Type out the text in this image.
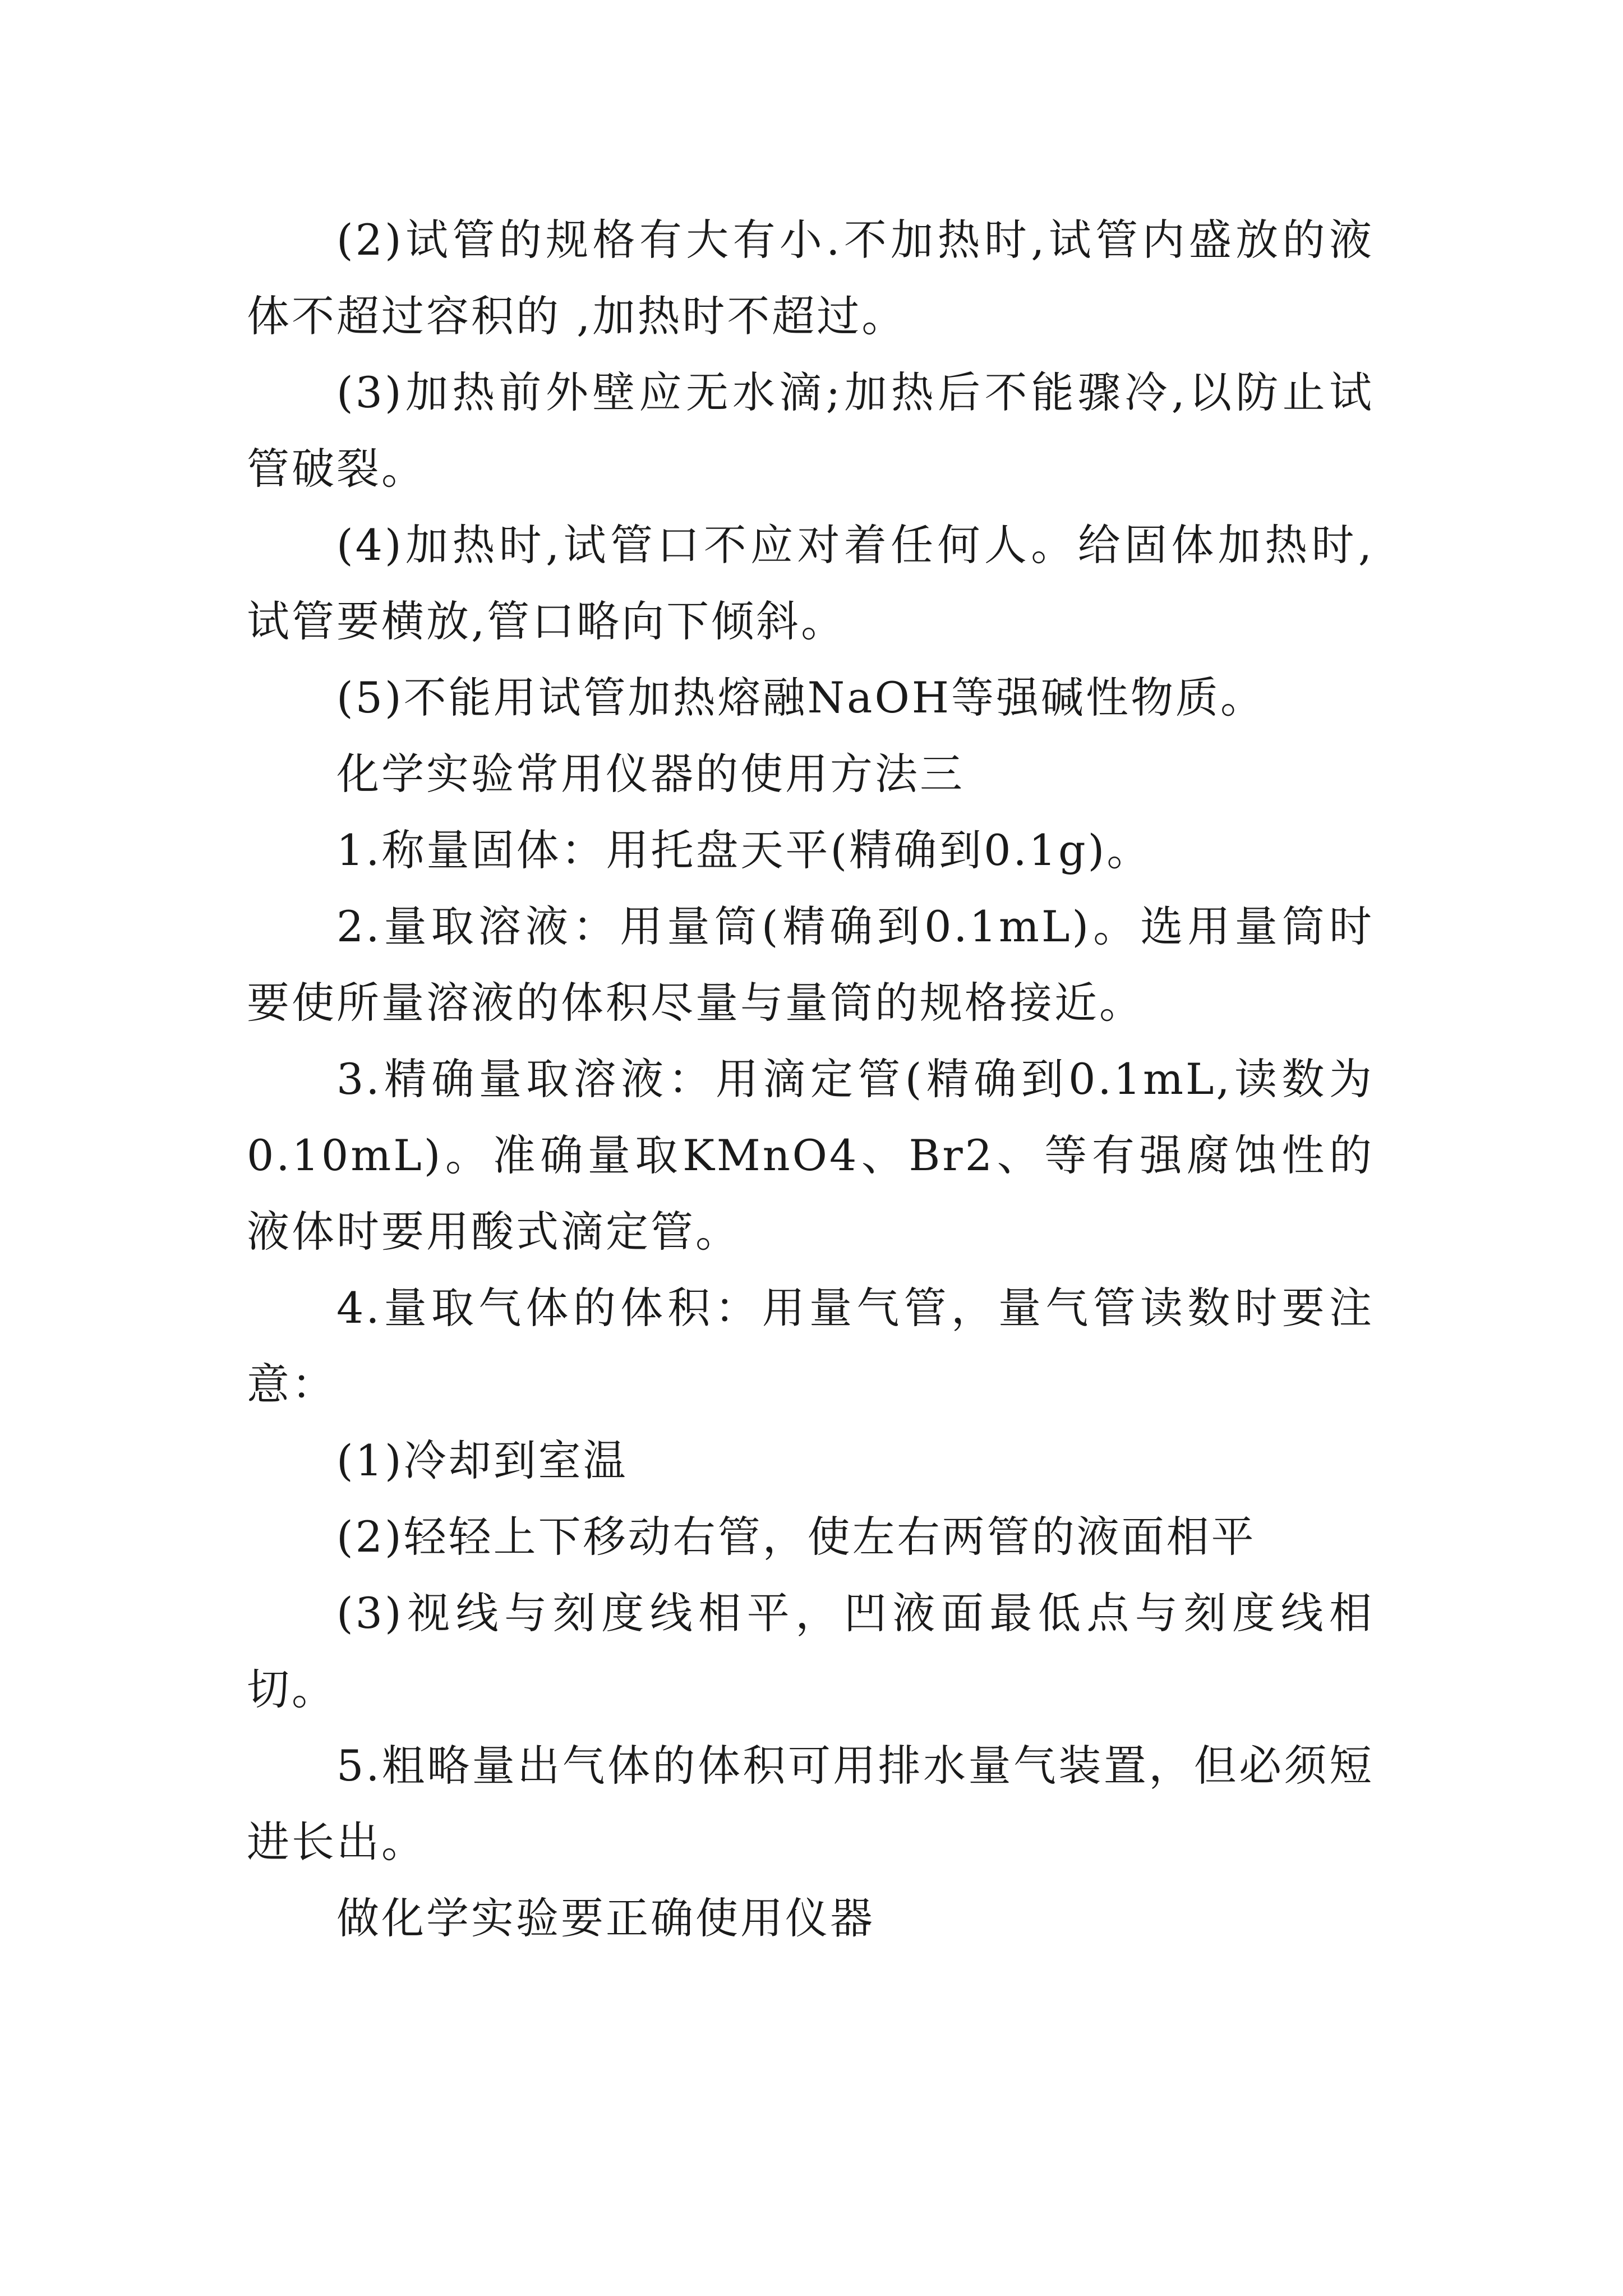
(2)试管的规格有大有小.不加热时,试管内盛放的液体不超过容积的 ,加热时不超过。

(3)加热前外壁应无水滴;加热后不能骤冷,以防止试管破裂。

(4)加热时,试管口不应对着任何人。给固体加热时,试管要横放,管口略向下倾斜。

(5)不能用试管加热熔融NaOH等强碱性物质。

化学实验常用仪器的使用方法三

1.称量固体：用托盘天平(精确到0.1g)。

2.量取溶液：用量筒(精确到0.1mL)。选用量筒时要使所量溶液的体积尽量与量筒的规格接近。

3.精确量取溶液：用滴定管(精确到0.1mL,读数为0.10mL)。准确量取KMnO4、Br2、等有强腐蚀性的液体时要用酸式滴定管。

4.量取气体的体积：用量气管，量气管读数时要注意：

(1)冷却到室温

(2)轻轻上下移动右管，使左右两管的液面相平

(3)视线与刻度线相平，凹液面最低点与刻度线相切。

5.粗略量出气体的体积可用排水量气装置，但必须短进长出。

做化学实验要正确使用仪器
